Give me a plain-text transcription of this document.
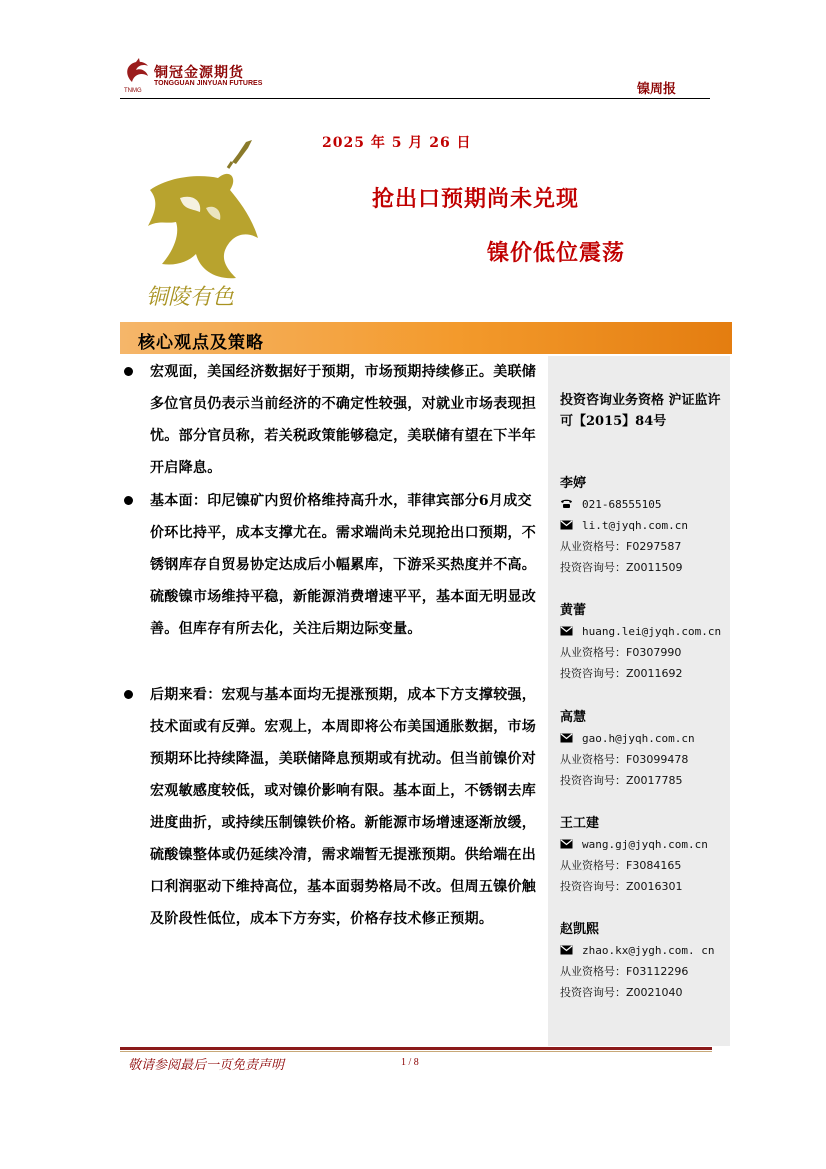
铜冠金源期货
TONGGUAN JINYUAN FUTURES
TNMG	镍周报
2025 年 5 月 26 日
抢出口预期尚未兑现
镍价低位震荡
铜陵有色
核心观点及策略
宏观面，美国经济数据好于预期，市场预期持续修正。美联储多位官员仍表示当前经济的不确定性较强，对就业市场表现担忧。部分官员称，若关税政策能够稳定，美联储有望在下半年开启降息。
基本面：印尼镍矿内贸价格维持高升水，菲律宾部分6月成交价环比持平，成本支撑尤在。需求端尚未兑现抢出口预期，不锈钢库存自贸易协定达成后小幅累库，下游采买热度并不高。硫酸镍市场维持平稳，新能源消费增速平平，基本面无明显改善。但库存有所去化，关注后期边际变量。
后期来看：宏观与基本面均无提涨预期，成本下方支撑较强，技术面或有反弹。宏观上，本周即将公布美国通胀数据，市场预期环比持续降温，美联储降息预期或有扰动。但当前镍价对宏观敏感度较低，或对镍价影响有限。基本面上，不锈钢去库进度曲折，或持续压制镍铁价格。新能源市场增速逐渐放缓，硫酸镍整体或仍延续冷清，需求端暂无提涨预期。供给端在出口利润驱动下维持高位，基本面弱势格局不改。但周五镍价触及阶段性低位，成本下方夯实，价格存技术修正预期。
投资咨询业务资格 沪证监许可【2015】84号
李婷
021-68555105
li.t@jyqh.com.cn
从业资格号：F0297587
投资咨询号：Z0011509
黄蕾
huang.lei@jyqh.com.cn
从业资格号：F0307990
投资咨询号：Z0011692
高慧
gao.h@jyqh.com.cn
从业资格号：F03099478
投资咨询号：Z0017785
王工建
wang.gj@jyqh.com.cn
从业资格号：F3084165
投资咨询号：Z0016301
赵凯熙
zhao.kx@jygh.com. cn
从业资格号：F03112296
投资咨询号：Z0021040
敬请参阅最后一页免责声明	1 / 8
